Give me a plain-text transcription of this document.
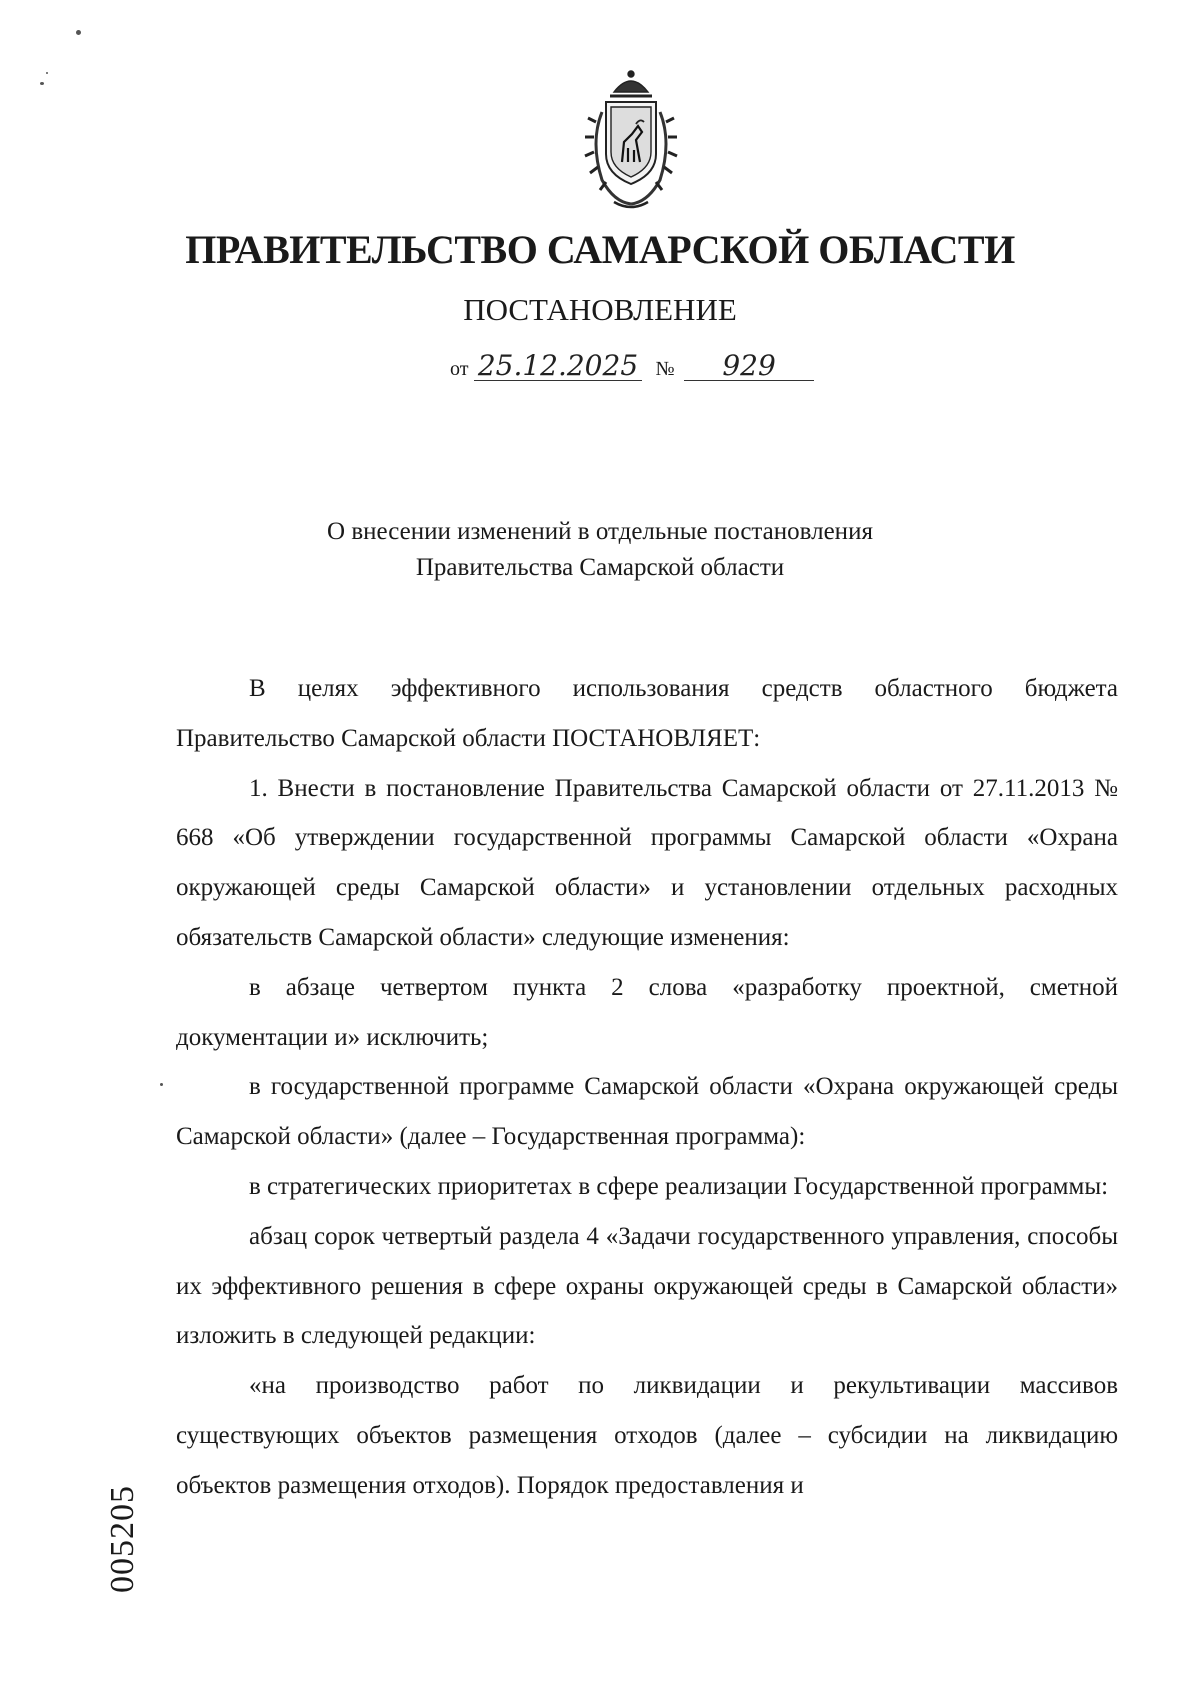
ПРАВИТЕЛЬСТВО САМАРСКОЙ ОБЛАСТИ
ПОСТАНОВЛЕНИЕ
от 25.12.2025 № 929
О внесении изменений в отдельные постановления
Правительства Самарской области

В целях эффективного использования средств областного бюджета Правительство Самарской области ПОСТАНОВЛЯЕТ:

1. Внести в постановление Правительства Самарской области от 27.11.2013 № 668 «Об утверждении государственной программы Самарской области «Охрана окружающей среды Самарской области» и установлении отдельных расходных обязательств Самарской области» следующие изменения:

в абзаце четвертом пункта 2 слова «разработку проектной, сметной документации и» исключить;

в государственной программе Самарской области «Охрана окружающей среды Самарской области» (далее – Государственная программа):

в стратегических приоритетах в сфере реализации Государственной программы:

абзац сорок четвертый раздела 4 «Задачи государственного управления, способы их эффективного решения в сфере охраны окружающей среды в Самарской области» изложить в следующей редакции:

«на производство работ по ликвидации и рекультивации массивов существующих объектов размещения отходов (далее – субсидии на ликвидацию объектов размещения отходов). Порядок предоставления и

005205
